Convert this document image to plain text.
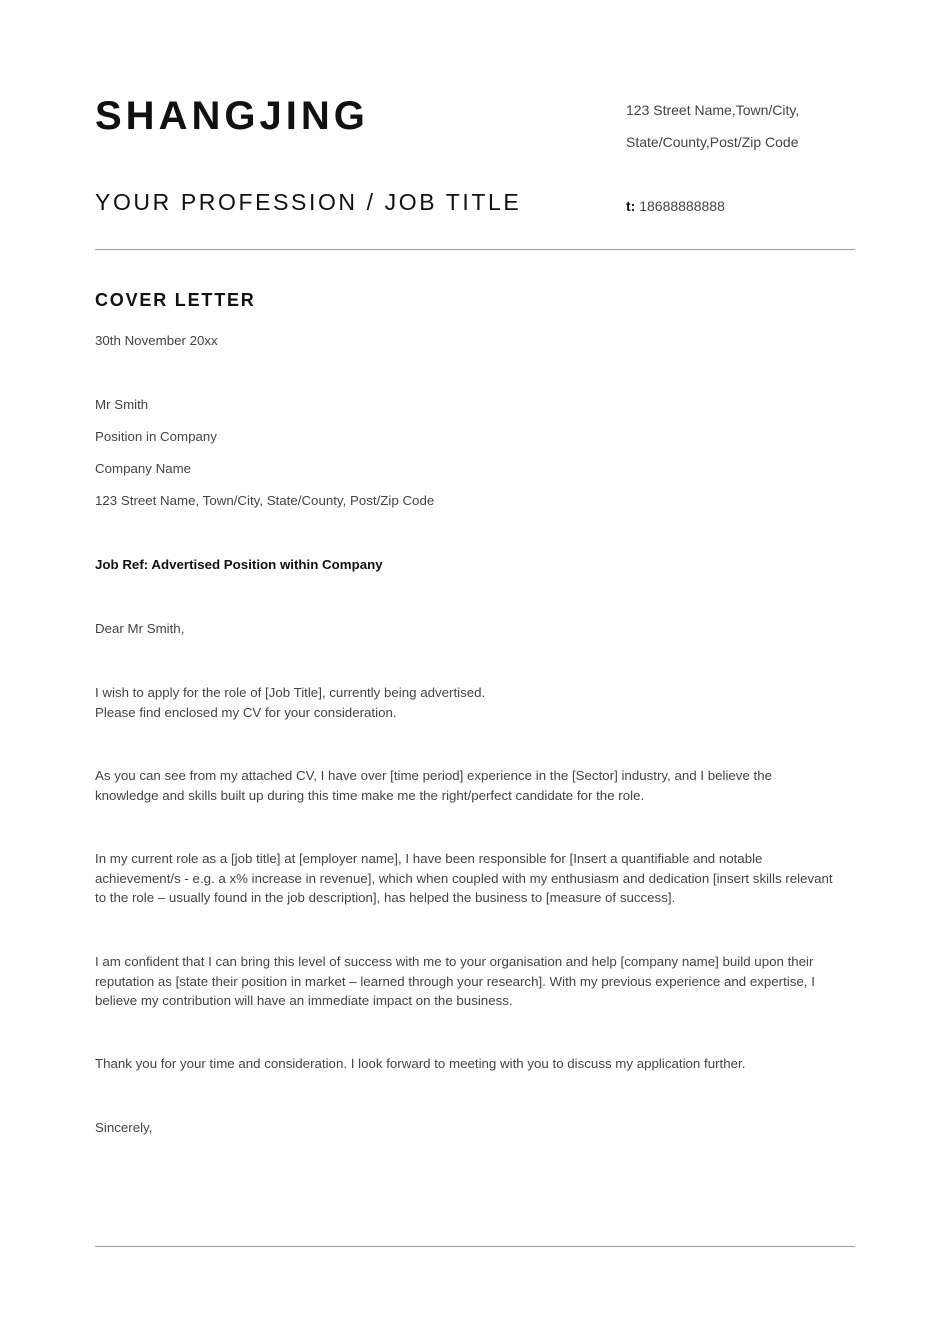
SHANGJING
YOUR PROFESSION / JOB TITLE
123 Street Name,Town/City,
State/County,Post/Zip Code
t: 18688888888
COVER LETTER
30th November 20xx
Mr Smith
Position in Company
Company Name
123 Street Name, Town/City, State/County, Post/Zip Code
Job Ref: Advertised Position within Company
Dear Mr Smith,
I wish to apply for the role of [Job Title], currently being advertised.
Please find enclosed my CV for your consideration.
As you can see from my attached CV, I have over [time period] experience in the [Sector] industry, and I believe the knowledge and skills built up during this time make me the right/perfect candidate for the role.
In my current role as a [job title] at [employer name], I have been responsible for [Insert a quantifiable and notable achievement/s - e.g. a x% increase in revenue], which when coupled with my enthusiasm and dedication [insert skills relevant to the role – usually found in the job description], has helped the business to [measure of success].
I am confident that I can bring this level of success with me to your organisation and help [company name] build upon their reputation as [state their position in market – learned through your research]. With my previous experience and expertise, I believe my contribution will have an immediate impact on the business.
Thank you for your time and consideration. I look forward to meeting with you to discuss my application further.
Sincerely,
